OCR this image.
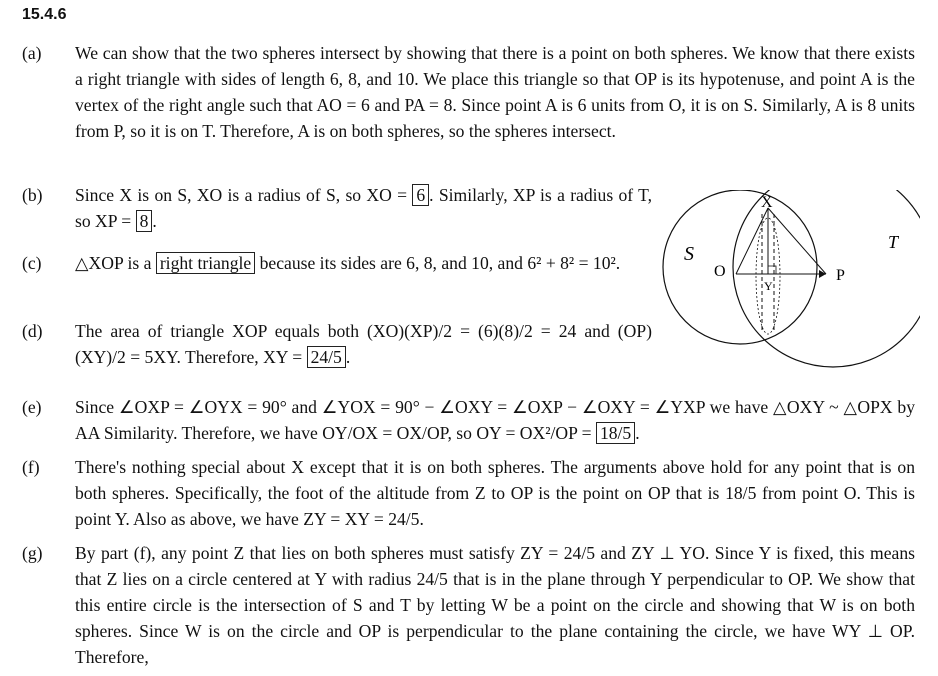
15.4.6
(a) We can show that the two spheres intersect by showing that there is a point on both spheres. We know that there exists a right triangle with sides of length 6, 8, and 10. We place this triangle so that OP is its hypotenuse, and point A is the vertex of the right angle such that AO = 6 and PA = 8. Since point A is 6 units from O, it is on S. Similarly, A is 8 units from P, so it is on T. Therefore, A is on both spheres, so the spheres intersect.
(b) Since X is on S, XO is a radius of S, so XO = 6 . Similarly, XP is a radius of T, so XP = 8 .
(c) △XOP is a right triangle because its sides are 6, 8, and 10, and 6² + 8² = 10².
(d) The area of triangle XOP equals both (XO)(XP)/2 = (6)(8)/2 = 24 and (OP)(XY)/2 = 5XY. Therefore, XY = 24/5 .
(e) Since ∠OXP = ∠OYX = 90° and ∠YOX = 90° − ∠OXY = ∠OXP − ∠OXY = ∠YXP we have △OXY ~ △OPX by AA Similarity. Therefore, we have OY/OX = OX/OP, so OY = OX²/OP = 18/5 .
(f) There's nothing special about X except that it is on both spheres. The arguments above hold for any point that is on both spheres. Specifically, the foot of the altitude from Z to OP is the point on OP that is 18/5 from point O. This is point Y. Also as above, we have ZY = XY = 24/5.
(g) By part (f), any point Z that lies on both spheres must satisfy ZY = 24/5 and ZY ⊥ YO. Since Y is fixed, this means that Z lies on a circle centered at Y with radius 24/5 that is in the plane through Y perpendicular to OP. We show that this entire circle is the intersection of S and T by letting W be a point on the circle and showing that W is on both spheres. Since W is on the circle and OP is perpendicular to the plane containing the circle, we have WY ⊥ OP. Therefore,
S
T
O	P
X
Y
